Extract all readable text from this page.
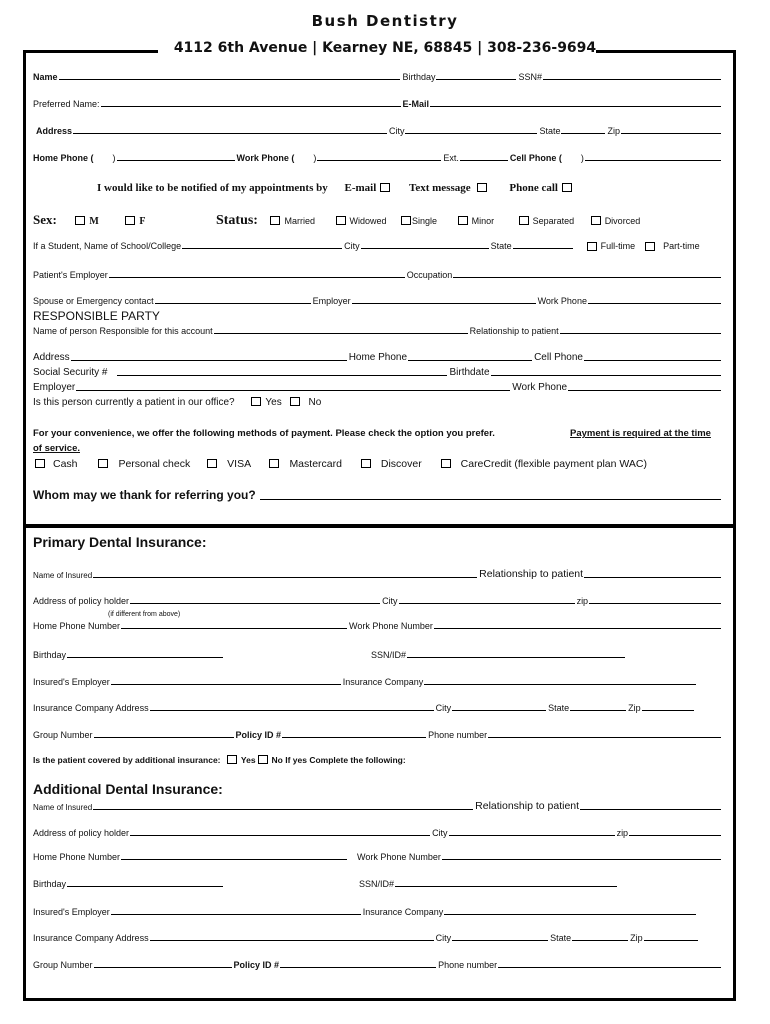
Bush Dentistry
4112 6th Avenue | Kearney NE, 68845 | 308-236-9694
Name	Birthday	SSN#
Preferred Name:	E-Mail
Address	City	State	Zip
Home Phone ( )	Work Phone ( )	Ext.	Cell Phone ( )
I would like to be notified of my appointments by E-mail	Text message	Phone call
Sex:	M	F	Status:	Married	Widowed	Single	Minor	Separated	Divorced
If a Student, Name of School/College	City	State	Full-time	Part-time
Patient's Employer	Occupation
Spouse or Emergency contact	Employer	Work Phone
RESPONSIBLE PARTY
Name of person Responsible for this account	Relationship to patient
Address	Home Phone	Cell Phone
Social Security #	Birthdate
Employer	Work Phone
Is this person currently a patient in our office?	Yes	No
For your convenience, we offer the following methods of payment. Please check the option you prefer.	Payment is required at the time
of service.
Cash	Personal check	VISA	Mastercard	Discover	CareCredit (flexible payment plan WAC)
Whom may we thank for referring you?
Primary Dental Insurance:
Name of Insured	Relationship to patient
Address of policy holder	City	zip
(if different from above)
Home Phone Number	Work Phone Number
Birthday	SSN/ID#
Insured's Employer	Insurance Company
Insurance Company Address	City	State	Zip
Group Number	Policy ID #	Phone number
Is the patient covered by additional insurance: Yes No If yes Complete the following:
Additional Dental Insurance:
Name of Insured	Relationship to patient
Address of policy holder	City	zip
Home Phone Number	Work Phone Number
Birthday	SSN/ID#
Insured's Employer	Insurance Company
Insurance Company Address	City	State	Zip
Group Number	Policy ID #	Phone number
